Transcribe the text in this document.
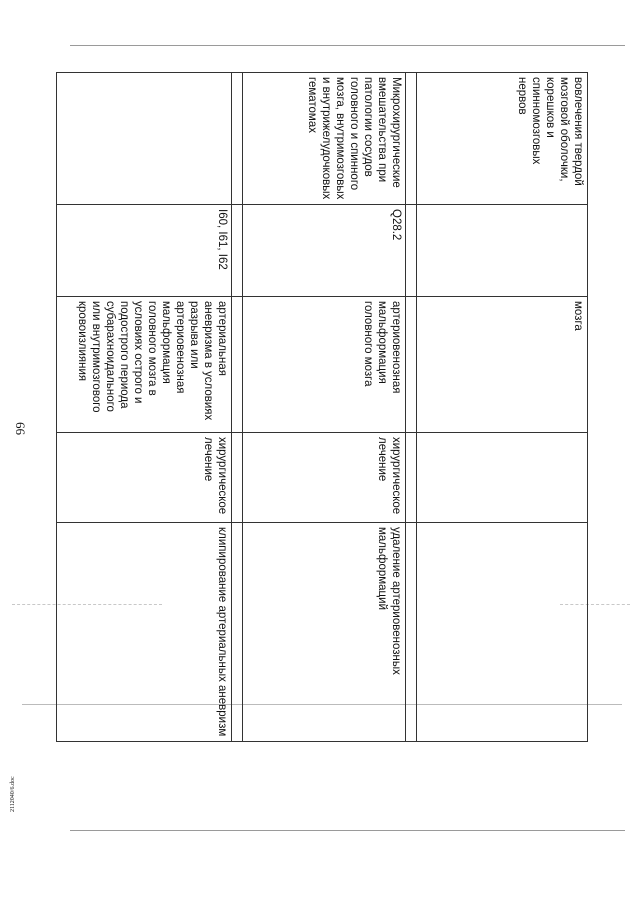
66
2112040/6.doc
вовлечения твердой мозговой оболочки, корешков и спинномозговых нервов		мозга		

Микрохирургические вмешательства при патологии сосудов головного и спинного мозга, внутримозговых и внутрижелудочковых гематомах	Q28.2	артериовенозная мальформация головного мозга	хирургическое лечение	удаление артериовенозных мальформаций

	I60, I61, I62	артериальная аневризма в условиях разрыва или артериовенозная мальформация головного мозга в условиях острого и подострого периода субарахноидального или внутримозгового кровоизлияния	хирургическое лечение	клипирование артериальных аневризм
